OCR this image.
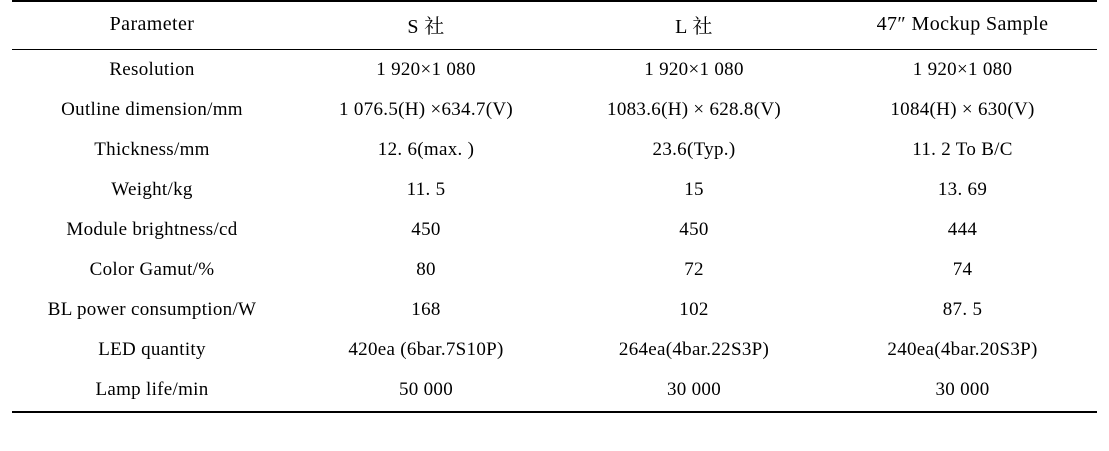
Parameter	S 社	L 社	47″ Mockup Sample
Resolution	1 920×1 080	1 920×1 080	1 920×1 080
Outline dimension/mm	1 076.5(H) ×634.7(V)	1083.6(H) × 628.8(V)	1084(H) × 630(V)
Thickness/mm	12. 6(max. )	23.6(Typ.)	11. 2 To B/C
Weight/kg	11. 5	15	13. 69
Module brightness/cd	450	450	444
Color Gamut/%	80	72	74
BL power consumption/W	168	102	87. 5
LED quantity	420ea (6bar.7S10P)	264ea(4bar.22S3P)	240ea(4bar.20S3P)
Lamp life/min	50 000	30 000	30 000
